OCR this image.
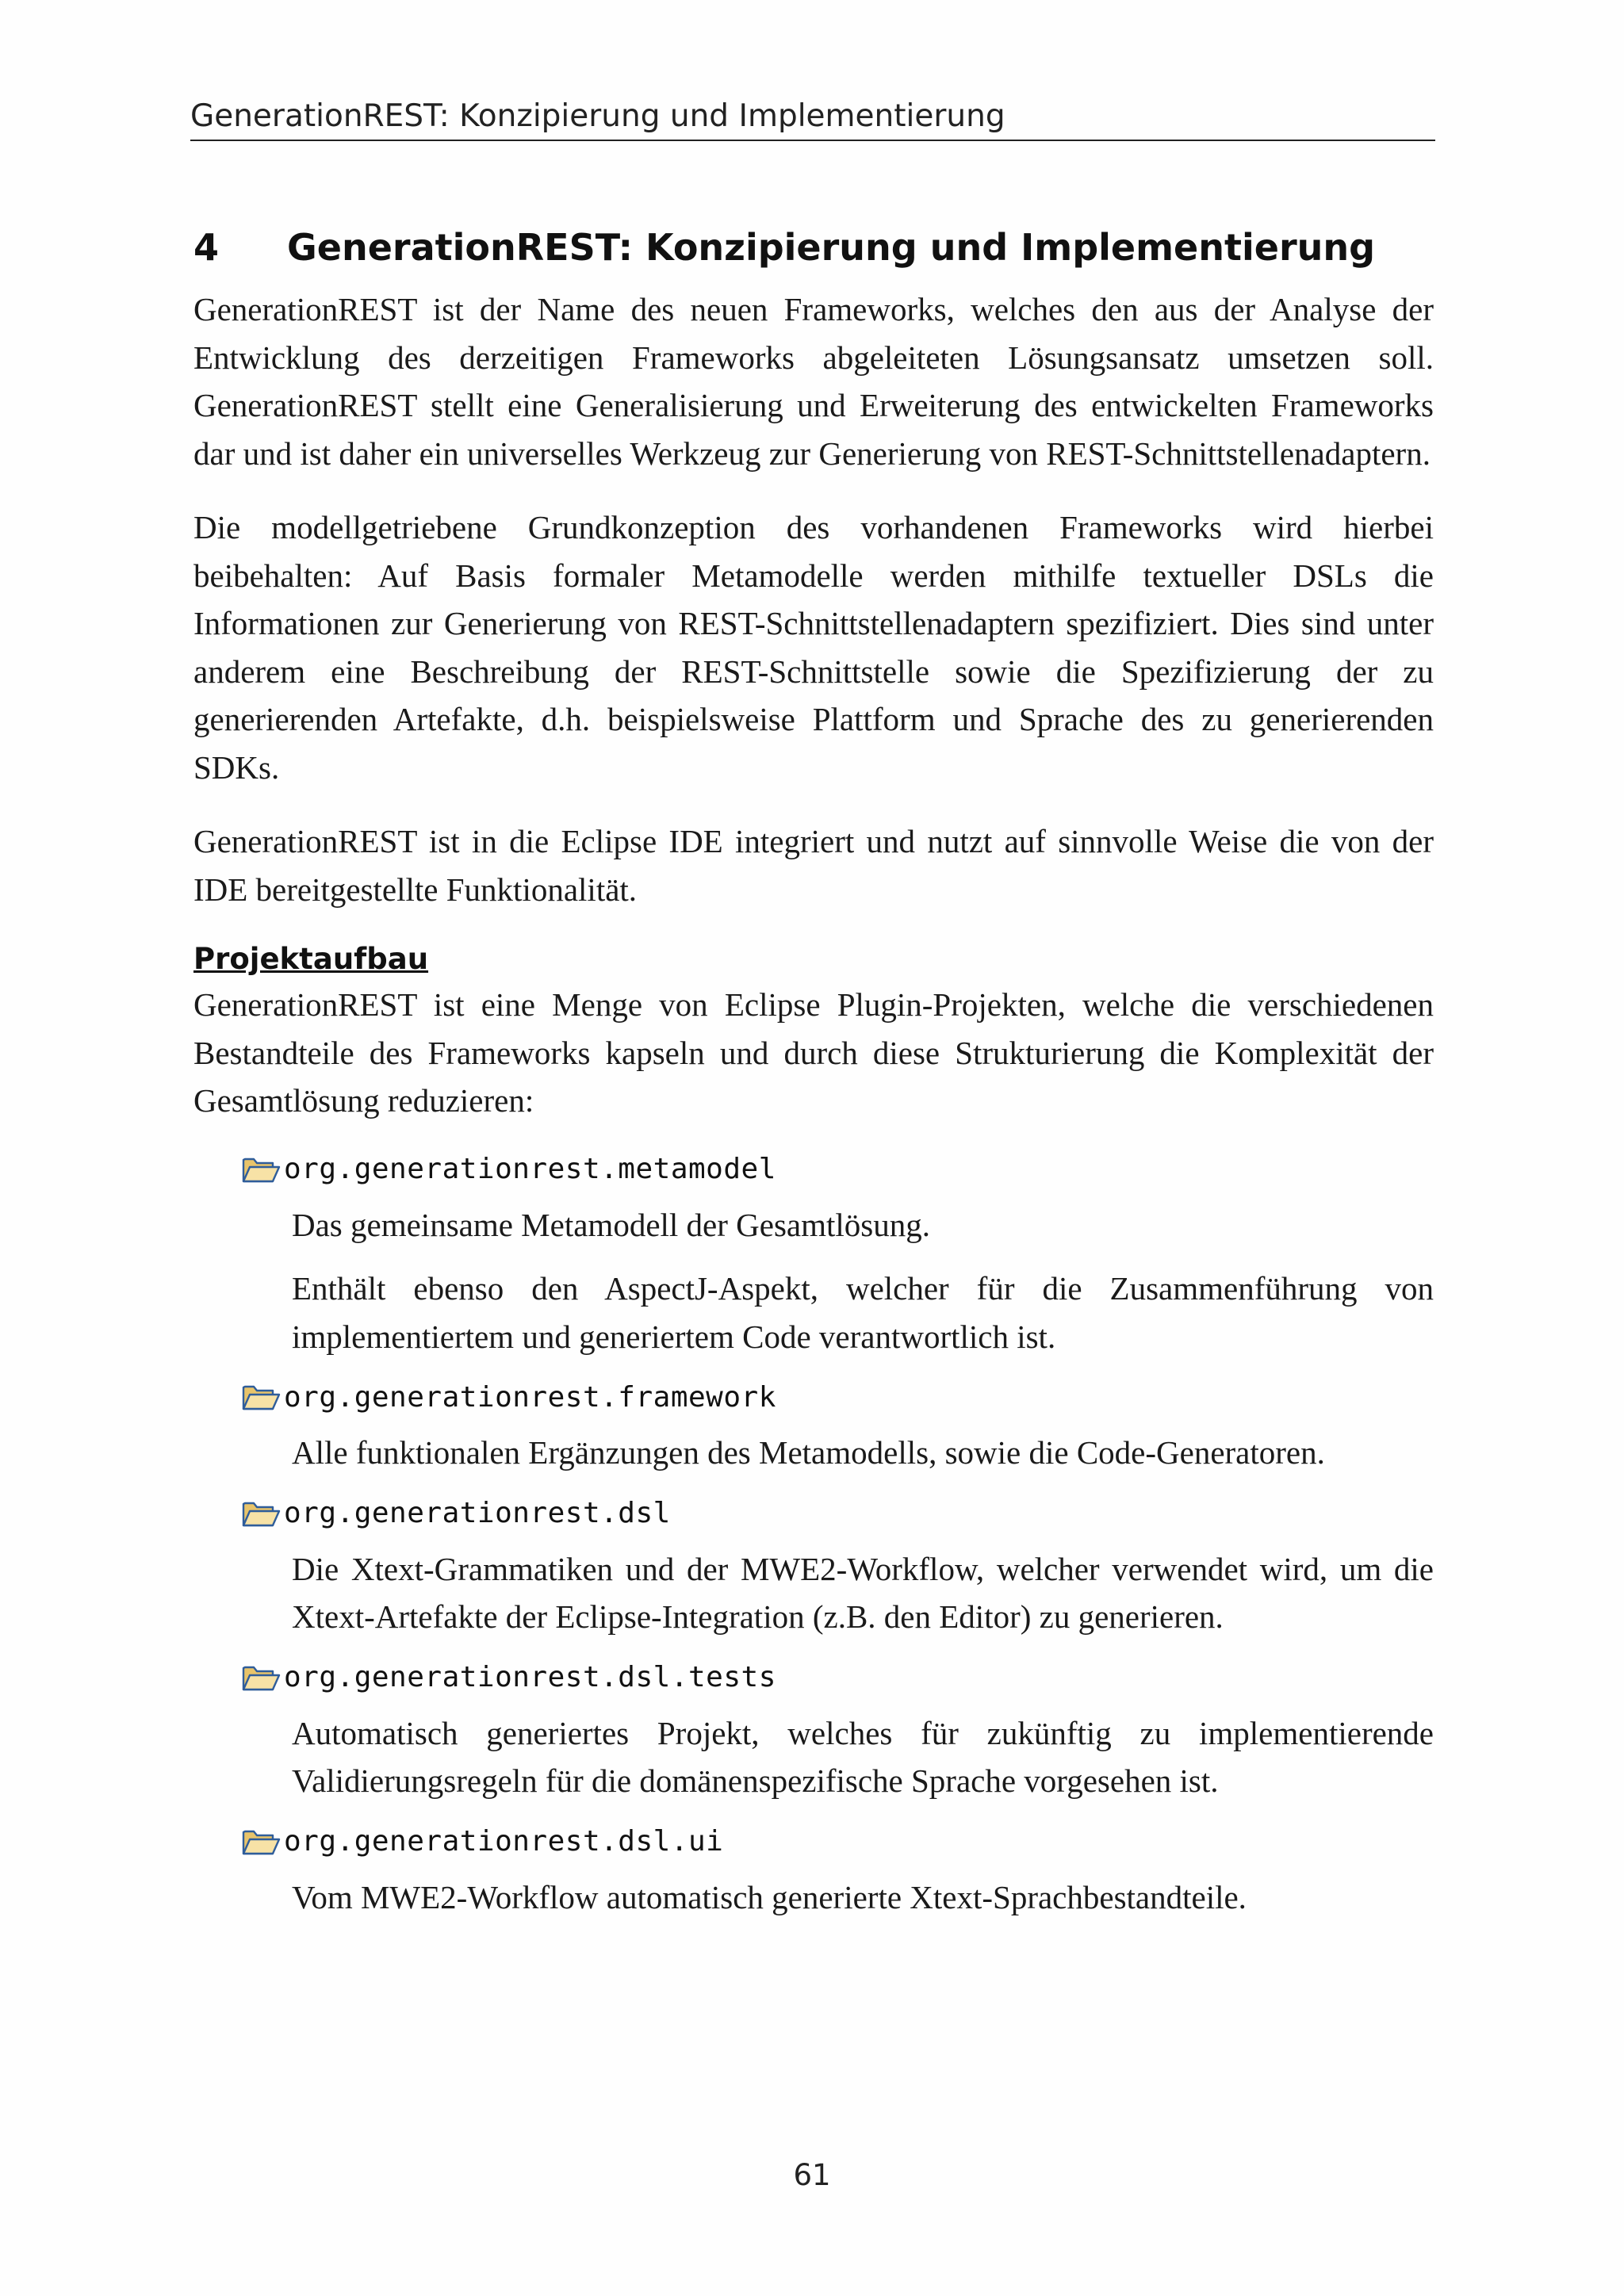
GenerationREST: Konzipierung und Implementierung
4	GenerationREST: Konzipierung und Implementierung

GenerationREST ist der Name des neuen Frameworks, welches den aus der Analyse der Entwicklung des derzeitigen Frameworks abgeleiteten Lösungsansatz umsetzen soll. GenerationREST stellt eine Generalisierung und Erweiterung des entwickelten Frameworks dar und ist daher ein universelles Werkzeug zur Generierung von REST-Schnittstellenadaptern.

Die modellgetriebene Grundkonzeption des vorhandenen Frameworks wird hierbei beibehalten: Auf Basis formaler Metamodelle werden mithilfe textueller DSLs die Informationen zur Generierung von REST-Schnittstellenadaptern spezifiziert. Dies sind unter anderem eine Beschreibung der REST-Schnittstelle sowie die Spezifizierung der zu generierenden Artefakte, d.h. beispielsweise Plattform und Sprache des zu generierenden SDKs.

GenerationREST ist in die Eclipse IDE integriert und nutzt auf sinnvolle Weise die von der IDE bereitgestellte Funktionalität.

Projektaufbau

GenerationREST ist eine Menge von Eclipse Plugin-Projekten, welche die verschiedenen Bestandteile des Frameworks kapseln und durch diese Strukturierung die Komplexität der Gesamtlösung reduzieren:

org.generationrest.metamodel

Das gemeinsame Metamodell der Gesamtlösung.

Enthält ebenso den AspectJ-Aspekt, welcher für die Zusammenführung von implementiertem und generiertem Code verantwortlich ist.

org.generationrest.framework

Alle funktionalen Ergänzungen des Metamodells, sowie die Code-Generatoren.

org.generationrest.dsl

Die Xtext-Grammatiken und der MWE2-Workflow, welcher verwendet wird, um die Xtext-Artefakte der Eclipse-Integration (z.B. den Editor) zu generieren.

org.generationrest.dsl.tests

Automatisch generiertes Projekt, welches für zukünftig zu implementierende Validierungsregeln für die domänenspezifische Sprache vorgesehen ist.

org.generationrest.dsl.ui

Vom MWE2-Workflow automatisch generierte Xtext-Sprachbestandteile.

61
